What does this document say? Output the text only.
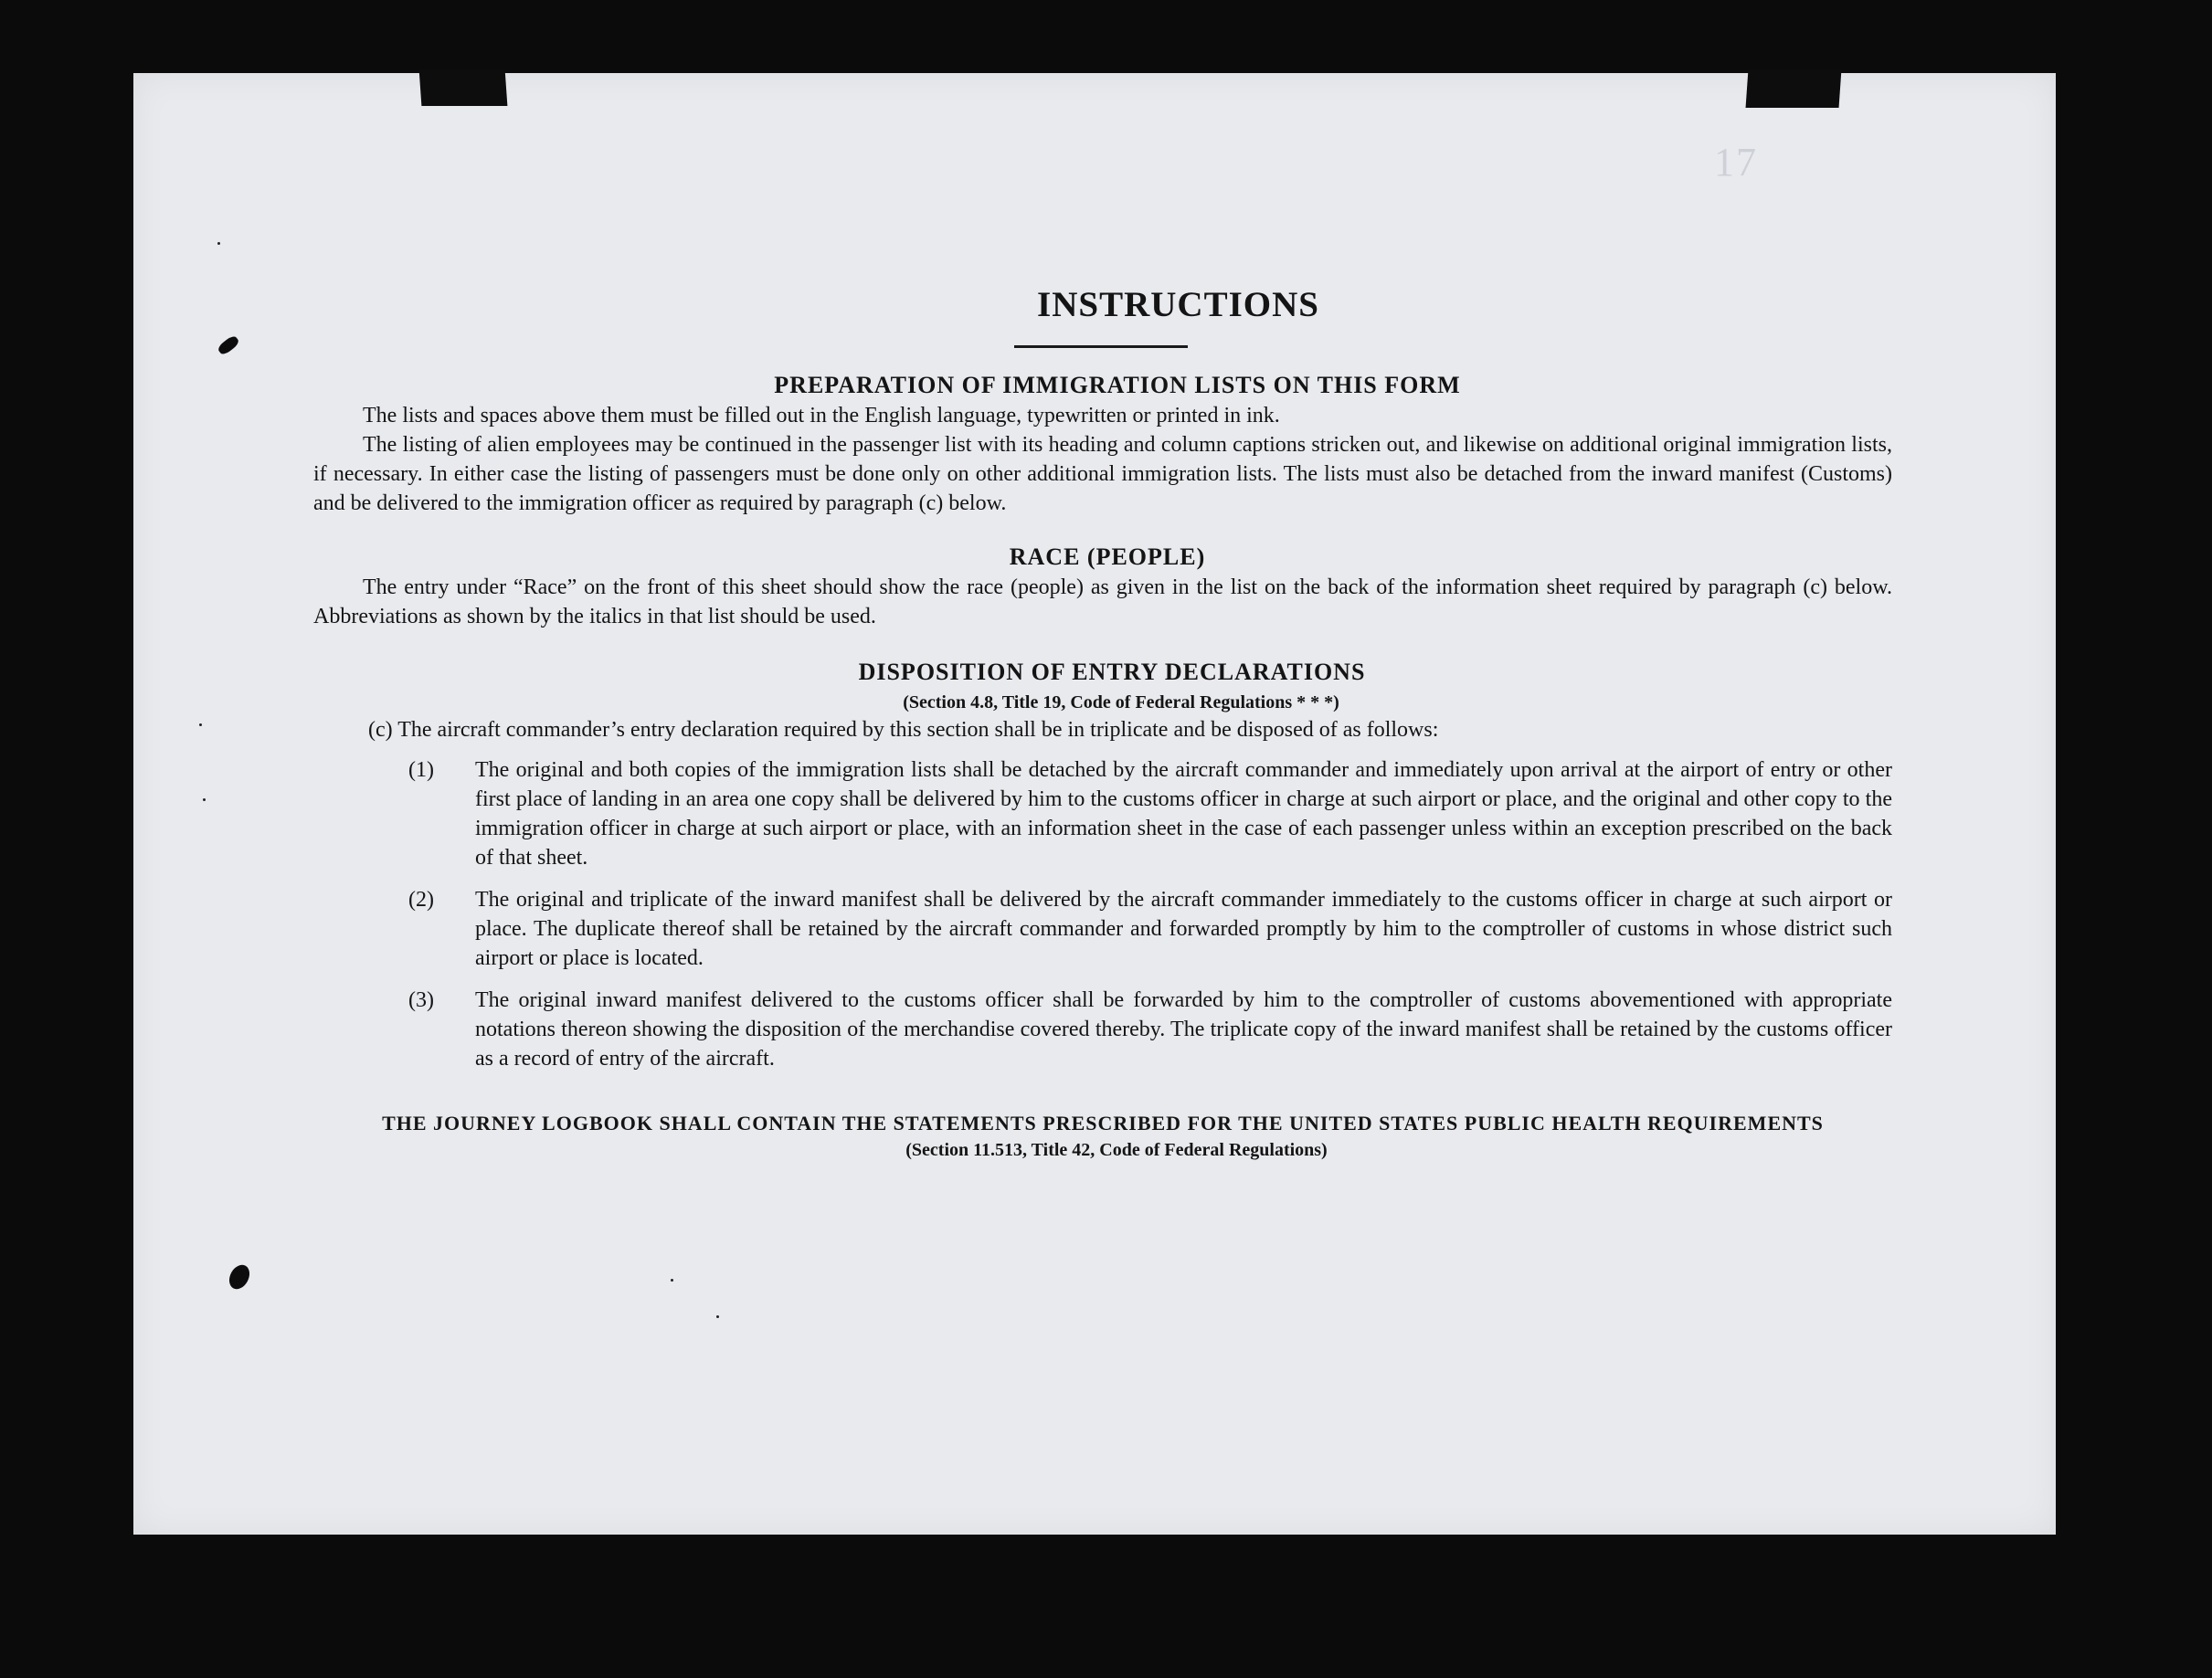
17
INSTRUCTIONS
PREPARATION OF IMMIGRATION LISTS ON THIS FORM

The lists and spaces above them must be filled out in the English language, typewritten or printed in ink.

The listing of alien employees may be continued in the passenger list with its heading and column captions stricken out, and likewise on additional original immigration lists, if necessary. In either case the listing of passengers must be done only on other additional immigration lists. The lists must also be detached from the inward manifest (Customs) and be delivered to the immigration officer as required by paragraph (c) below.

RACE (PEOPLE)

The entry under “Race” on the front of this sheet should show the race (people) as given in the list on the back of the information sheet required by paragraph (c) below. Abbreviations as shown by the italics in that list should be used.

DISPOSITION OF ENTRY DECLARATIONS

(Section 4.8, Title 19, Code of Federal Regulations * * *)

(c) The aircraft commander’s entry declaration required by this section shall be in triplicate and be disposed of as follows:

(1) The original and both copies of the immigration lists shall be detached by the aircraft commander and immediately upon arrival at the airport of entry or other first place of landing in an area one copy shall be delivered by him to the customs officer in charge at such airport or place, and the original and other copy to the immigration officer in charge at such airport or place, with an information sheet in the case of each passenger unless within an exception prescribed on the back of that sheet.
(2) The original and triplicate of the inward manifest shall be delivered by the aircraft commander immediately to the customs officer in charge at such airport or place. The duplicate thereof shall be retained by the aircraft commander and forwarded promptly by him to the comptroller of customs in whose district such airport or place is located.
(3) The original inward manifest delivered to the customs officer shall be forwarded by him to the comptroller of customs abovementioned with appropriate notations thereon showing the disposition of the merchandise covered thereby. The triplicate copy of the inward manifest shall be retained by the customs officer as a record of entry of the aircraft.

THE JOURNEY LOGBOOK SHALL CONTAIN THE STATEMENTS PRESCRIBED FOR THE UNITED STATES PUBLIC HEALTH REQUIREMENTS

(Section 11.513, Title 42, Code of Federal Regulations)
